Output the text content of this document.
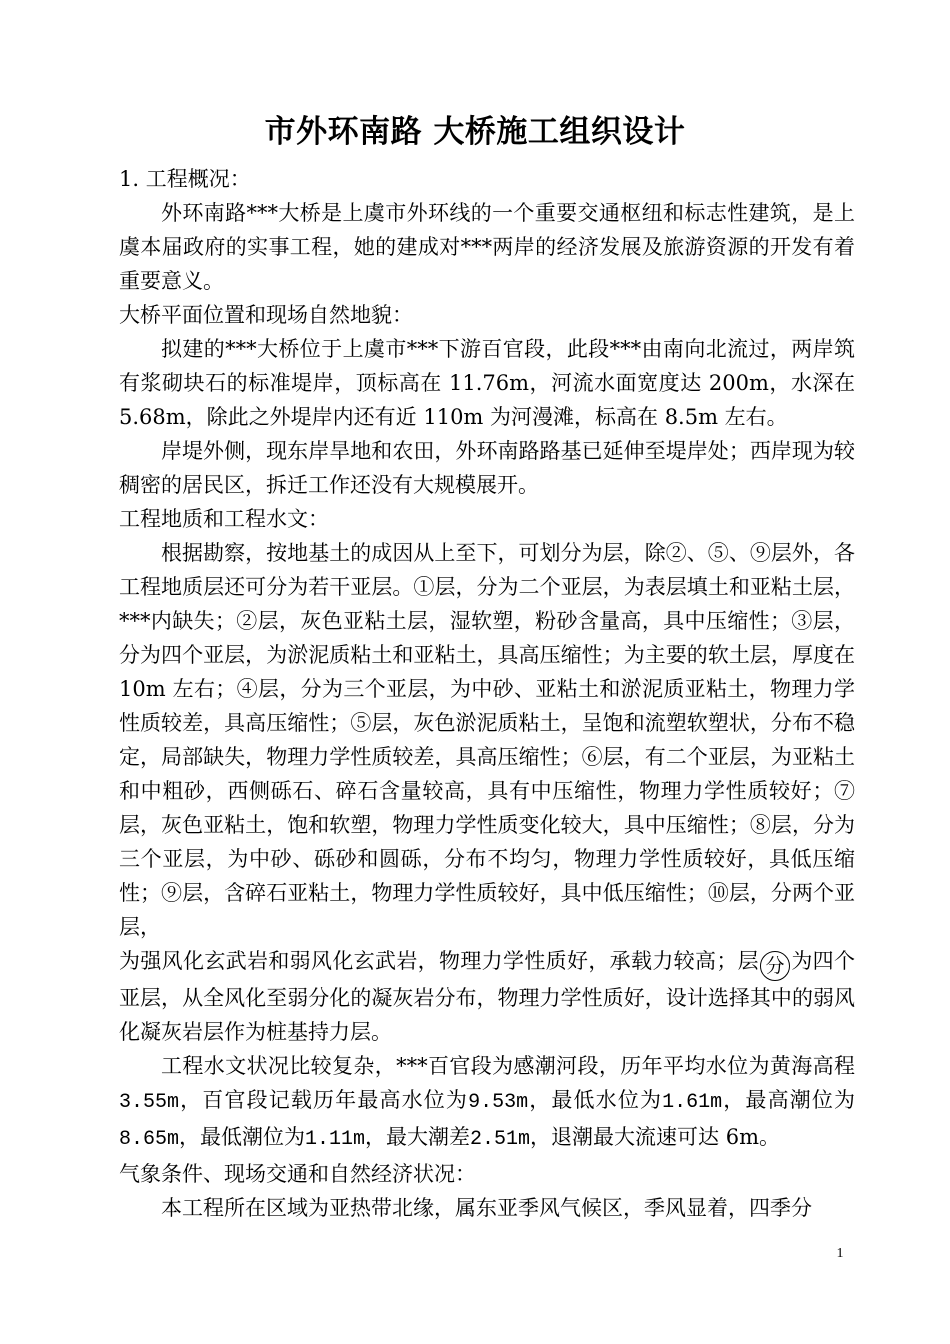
市外环南路 大桥施工组织设计

1. 工程概况：

外环南路***大桥是上虞市外环线的一个重要交通枢纽和标志性建筑，是上虞本届政府的实事工程，她的建成对***两岸的经济发展及旅游资源的开发有着重要意义。

大桥平面位置和现场自然地貌：

拟建的***大桥位于上虞市***下游百官段，此段***由南向北流过，两岸筑有浆砌块石的标准堤岸，顶标高在 11.76m，河流水面宽度达 200m，水深在 5.68m，除此之外堤岸内还有近 110m 为河漫滩，标高在 8.5m 左右。

岸堤外侧，现东岸旱地和农田，外环南路路基已延伸至堤岸处；西岸现为较稠密的居民区，拆迁工作还没有大规模展开。

工程地质和工程水文：

根据勘察，按地基土的成因从上至下，可划分为层，除②、⑤、⑨层外，各工程地质层还可分为若干亚层。①层，分为二个亚层，为表层填土和亚粘土层，***内缺失；②层，灰色亚粘土层，湿软塑，粉砂含量高，具中压缩性；③层，分为四个亚层，为淤泥质粘土和亚粘土，具高压缩性；为主要的软土层，厚度在 10m 左右；④层，分为三个亚层，为中砂、亚粘土和淤泥质亚粘土，物理力学性质较差，具高压缩性；⑤层，灰色淤泥质粘土，呈饱和流塑软塑状，分布不稳定，局部缺失，物理力学性质较差，具高压缩性；⑥层，有二个亚层，为亚粘土和中粗砂，西侧砾石、碎石含量较高，具有中压缩性，物理力学性质较好；⑦层，灰色亚粘土，饱和软塑，物理力学性质变化较大，具中压缩性；⑧层，分为三个亚层，为中砂、砾砂和圆砾，分布不均匀，物理力学性质较好，具低压缩性；⑨层，含碎石亚粘土，物理力学性质较好，具中低压缩性；⑩层，分两个亚层，

为强风化玄武岩和弱风化玄武岩，物理力学性质好，承载力较高；层 分 为四个亚层，从全风化至弱分化的凝灰岩分布，物理力学性质好，设计选择其中的弱风化凝灰岩层作为桩基持力层。

工程水文状况比较复杂，***百官段为感潮河段，历年平均水位为黄海高程3.55m，百官段记载历年最高水位为9.53m，最低水位为1.61m，最高潮位为8.65m，最低潮位为1.11m，最大潮差2.51m，退潮最大流速可达 6m。

气象条件、现场交通和自然经济状况：

本工程所在区域为亚热带北缘，属东亚季风气候区，季风显着，四季分

1
